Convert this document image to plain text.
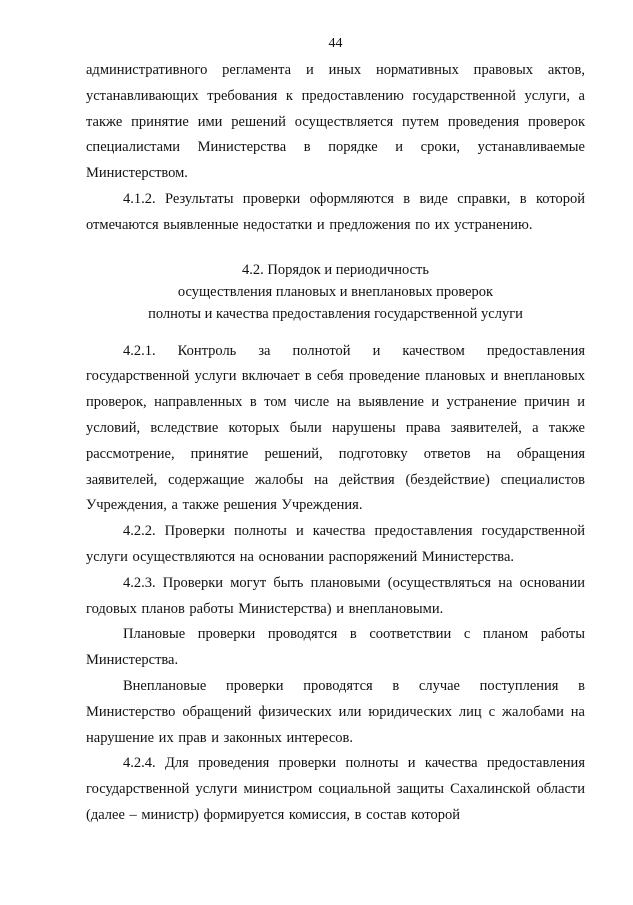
44

административного регламента и иных нормативных правовых актов, устанавливающих требования к предоставлению государственной услуги, а также принятие ими решений осуществляется путем проведения проверок специалистами Министерства в порядке и сроки, устанавливаемые Министерством.

4.1.2. Результаты проверки оформляются в виде справки, в которой отмечаются выявленные недостатки и предложения по их устранению.

4.2. Порядок и периодичность
осуществления плановых и внеплановых проверок
полноты и качества предоставления государственной услуги

4.2.1. Контроль за полнотой и качеством предоставления государственной услуги включает в себя проведение плановых и внеплановых проверок, направленных в том числе на выявление и устранение причин и условий, вследствие которых были нарушены права заявителей, а также рассмотрение, принятие решений, подготовку ответов на обращения заявителей, содержащие жалобы на действия (бездействие) специалистов Учреждения, а также решения Учреждения.

4.2.2. Проверки полноты и качества предоставления государственной услуги осуществляются на основании распоряжений Министерства.

4.2.3. Проверки могут быть плановыми (осуществляться на основании годовых планов работы Министерства) и внеплановыми.

Плановые проверки проводятся в соответствии с планом работы Министерства.

Внеплановые проверки проводятся в случае поступления в Министерство обращений физических или юридических лиц с жалобами на нарушение их прав и законных интересов.

4.2.4. Для проведения проверки полноты и качества предоставления государственной услуги министром социальной защиты Сахалинской области (далее – министр) формируется комиссия, в состав которой
